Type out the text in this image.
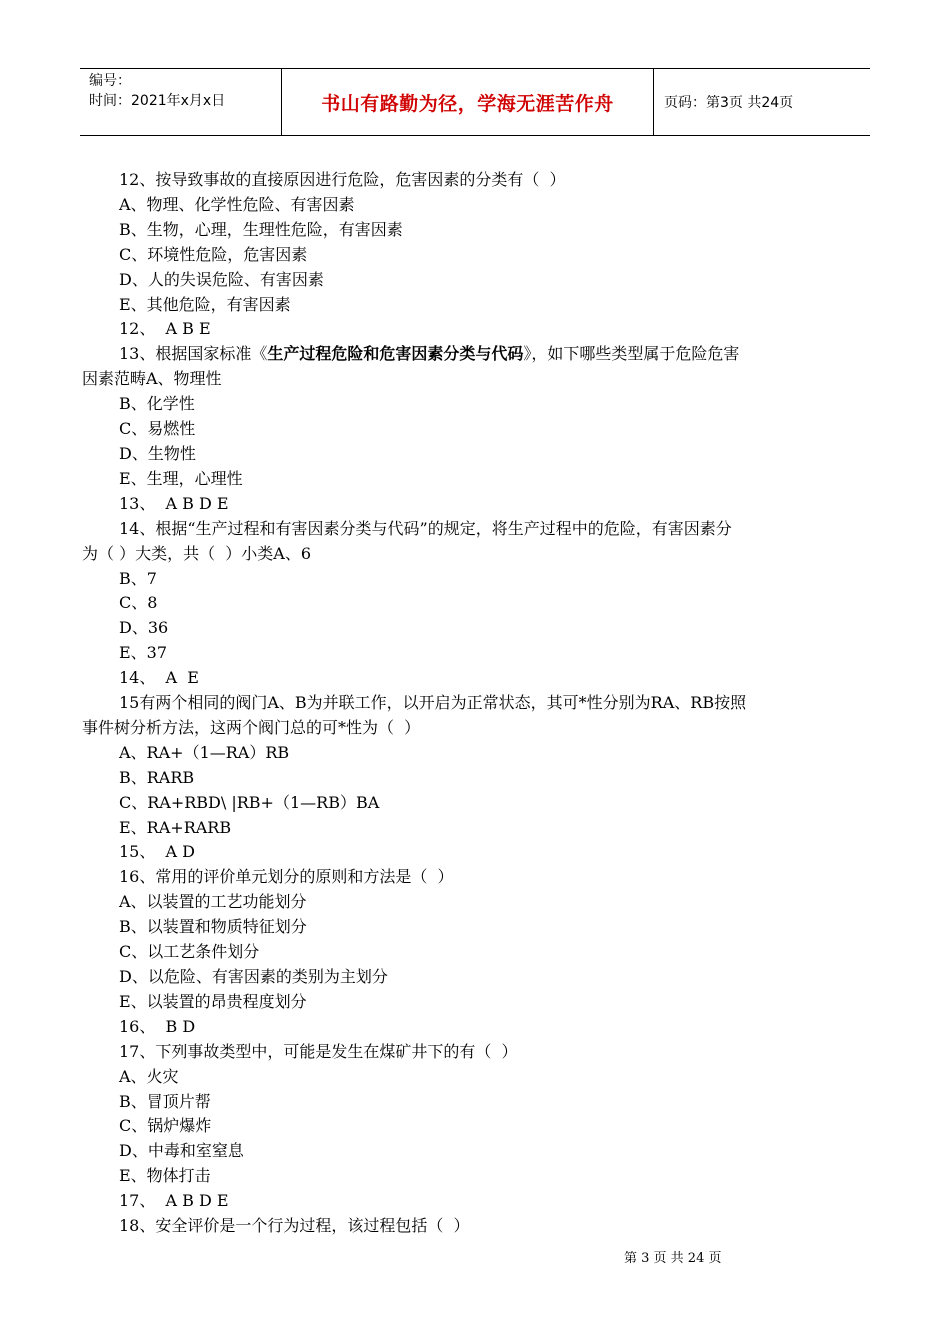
编号：
时间：2021年x月x日	书山有路勤为径，学海无涯苦作舟	页码：第3页 共24页
12、按导致事故的直接原因进行危险，危害因素的分类有（  ）
A、物理、化学性危险、有害因素
B、生物，心理，生理性危险，有害因素
C、环境性危险，危害因素
D、人的失误危险、有害因素
E、其他危险，有害因素
12、  A B E
13、根据国家标准《生产过程危险和危害因素分类与代码》，如下哪些类型属于危险危害
因素范畴A、物理性
B、化学性
C、易燃性
D、生物性
E、生理，心理性
13、  A B D E
14、根据“生产过程和有害因素分类与代码”的规定，将生产过程中的危险，有害因素分
为（ ）大类，共（  ）小类A、6
B、7
C、8
D、36
E、37
14、  A  E
15有两个相同的阀门A、B为并联工作，以开启为正常状态，其可*性分别为RA、RB按照
事件树分析方法，这两个阀门总的可*性为（  ）
A、RA+（1—RA）RB
B、RARB
C、RA+RBD\ |RB+（1—RB）BA
E、RA+RARB
15、  A D
16、常用的评价单元划分的原则和方法是（  ）
A、以装置的工艺功能划分
B、以装置和物质特征划分
C、以工艺条件划分
D、以危险、有害因素的类别为主划分
E、以装置的昂贵程度划分
16、  B D
17、下列事故类型中，可能是发生在煤矿井下的有（  ）
A、火灾
B、冒顶片帮
C、锅炉爆炸
D、中毒和室窒息
E、物体打击
17、  A B D E
18、安全评价是一个行为过程，该过程包括（  ）
第 3 页 共 24 页
